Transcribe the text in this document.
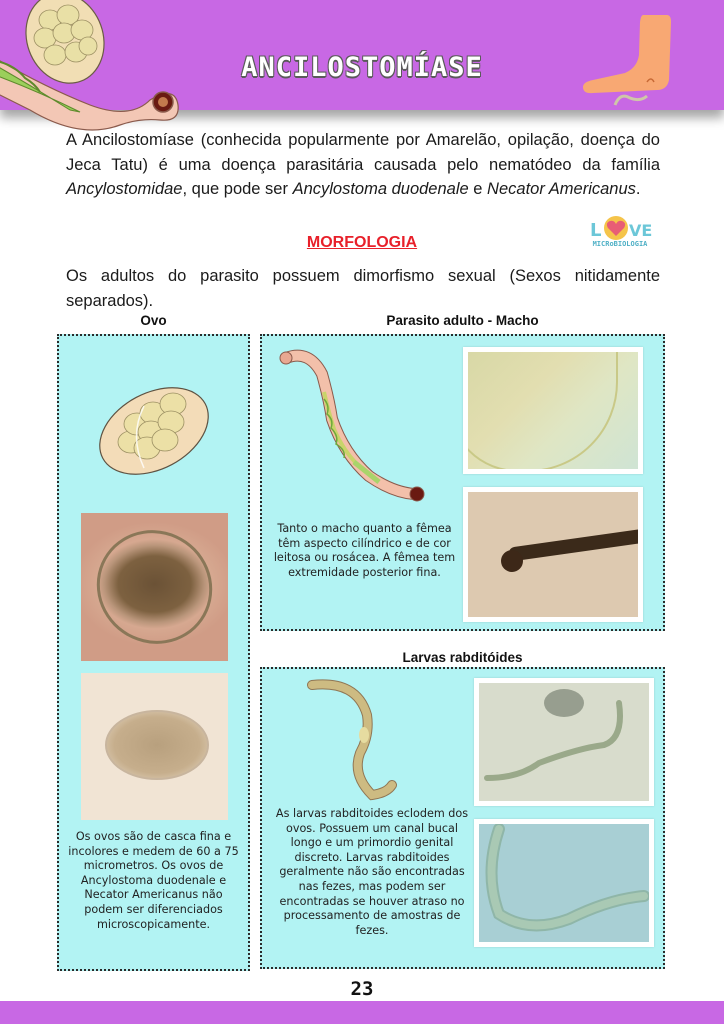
ANCILOSTOMÍASE

A Ancilostomíase (conhecida popularmente por Amarelão, opilação, doença do Jeca Tatu) é uma doença parasitária causada pelo nematódeo da família Ancylostomidae, que pode ser Ancylostoma duodenale e Necator Americanus.

MORFOLOGIA
L VE
MICRoBIOLOGIA

Os adultos do parasito possuem dimorfismo sexual (Sexos nitidamente separados).

Ovo	Parasito adulto - Macho
Larvas rabditóides
Os ovos são de casca fina e incolores e medem de 60 a 75 micrometros. Os ovos de Ancylostoma duodenale e Necator Americanus não podem ser diferenciados microscopicamente.
Tanto o macho quanto a fêmea têm aspecto cilíndrico e de cor leitosa ou rosácea. A fêmea tem extremidade posterior fina.
As larvas rabditoides eclodem dos ovos. Possuem um canal bucal longo e um primordio genital discreto. Larvas rabditoides geralmente não são encontradas nas fezes, mas podem ser encontradas se houver atraso no processamento de amostras de fezes.
23
